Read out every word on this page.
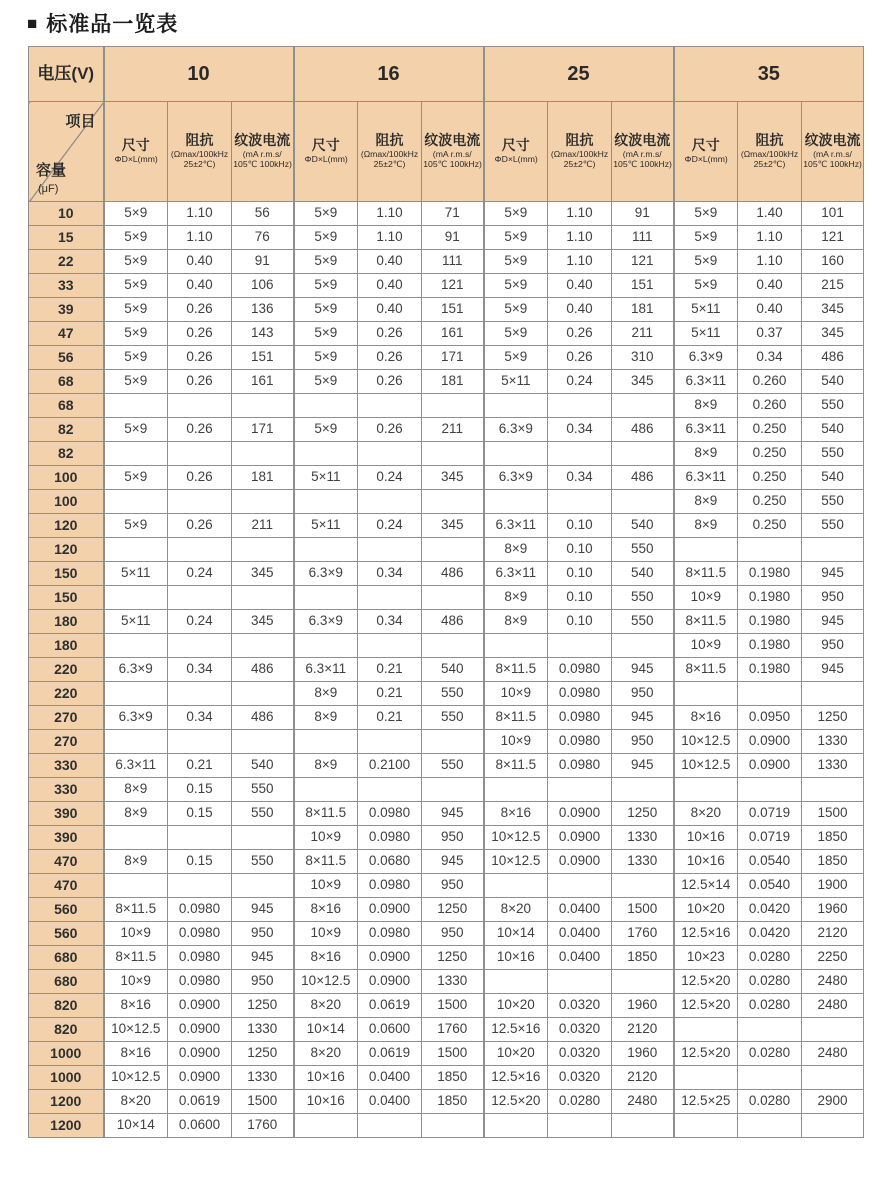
■ 标准品一览表
电压(V)	10			16			25			35		

项目
容量
(μF)	尺寸
ΦD×L(mm)	阻抗
(Ωmax/100kHz
25±2℃)	纹波电流
(mA r.m.s/
105℃ 100kHz)	尺寸
ΦD×L(mm)	阻抗
(Ωmax/100kHz
25±2℃)	纹波电流
(mA r.m.s/
105℃ 100kHz)	尺寸
ΦD×L(mm)	阻抗
(Ωmax/100kHz
25±2℃)	纹波电流
(mA r.m.s/
105℃ 100kHz)	尺寸
ΦD×L(mm)	阻抗
(Ωmax/100kHz
25±2℃)	纹波电流
(mA r.m.s/
105℃ 100kHz)

10	5×9	1.10	56	5×9	1.10	71	5×9	1.10	91	5×9	1.40	101
15	5×9	1.10	76	5×9	1.10	91	5×9	1.10	111	5×9	1.10	121
22	5×9	0.40	91	5×9	0.40	111	5×9	1.10	121	5×9	1.10	160
33	5×9	0.40	106	5×9	0.40	121	5×9	0.40	151	5×9	0.40	215
39	5×9	0.26	136	5×9	0.40	151	5×9	0.40	181	5×11	0.40	345
47	5×9	0.26	143	5×9	0.26	161	5×9	0.26	211	5×11	0.37	345
56	5×9	0.26	151	5×9	0.26	171	5×9	0.26	310	6.3×9	0.34	486
68	5×9	0.26	161	5×9	0.26	181	5×11	0.24	345	6.3×11	0.260	540
68										8×9	0.260	550
82	5×9	0.26	171	5×9	0.26	211	6.3×9	0.34	486	6.3×11	0.250	540
82										8×9	0.250	550
100	5×9	0.26	181	5×11	0.24	345	6.3×9	0.34	486	6.3×11	0.250	540
100										8×9	0.250	550
120	5×9	0.26	211	5×11	0.24	345	6.3×11	0.10	540	8×9	0.250	550
120							8×9	0.10	550			
150	5×11	0.24	345	6.3×9	0.34	486	6.3×11	0.10	540	8×11.5	0.1980	945
150							8×9	0.10	550	10×9	0.1980	950
180	5×11	0.24	345	6.3×9	0.34	486	8×9	0.10	550	8×11.5	0.1980	945
180										10×9	0.1980	950
220	6.3×9	0.34	486	6.3×11	0.21	540	8×11.5	0.0980	945	8×11.5	0.1980	945
220				8×9	0.21	550	10×9	0.0980	950			
270	6.3×9	0.34	486	8×9	0.21	550	8×11.5	0.0980	945	8×16	0.0950	1250
270							10×9	0.0980	950	10×12.5	0.0900	1330
330	6.3×11	0.21	540	8×9	0.2100	550	8×11.5	0.0980	945	10×12.5	0.0900	1330
330	8×9	0.15	550									
390	8×9	0.15	550	8×11.5	0.0980	945	8×16	0.0900	1250	8×20	0.0719	1500
390				10×9	0.0980	950	10×12.5	0.0900	1330	10×16	0.0719	1850
470	8×9	0.15	550	8×11.5	0.0680	945	10×12.5	0.0900	1330	10×16	0.0540	1850
470				10×9	0.0980	950				12.5×14	0.0540	1900
560	8×11.5	0.0980	945	8×16	0.0900	1250	8×20	0.0400	1500	10×20	0.0420	1960
560	10×9	0.0980	950	10×9	0.0980	950	10×14	0.0400	1760	12.5×16	0.0420	2120
680	8×11.5	0.0980	945	8×16	0.0900	1250	10×16	0.0400	1850	10×23	0.0280	2250
680	10×9	0.0980	950	10×12.5	0.0900	1330				12.5×20	0.0280	2480
820	8×16	0.0900	1250	8×20	0.0619	1500	10×20	0.0320	1960	12.5×20	0.0280	2480
820	10×12.5	0.0900	1330	10×14	0.0600	1760	12.5×16	0.0320	2120			
1000	8×16	0.0900	1250	8×20	0.0619	1500	10×20	0.0320	1960	12.5×20	0.0280	2480
1000	10×12.5	0.0900	1330	10×16	0.0400	1850	12.5×16	0.0320	2120			
1200	8×20	0.0619	1500	10×16	0.0400	1850	12.5×20	0.0280	2480	12.5×25	0.0280	2900
1200	10×14	0.0600	1760									
